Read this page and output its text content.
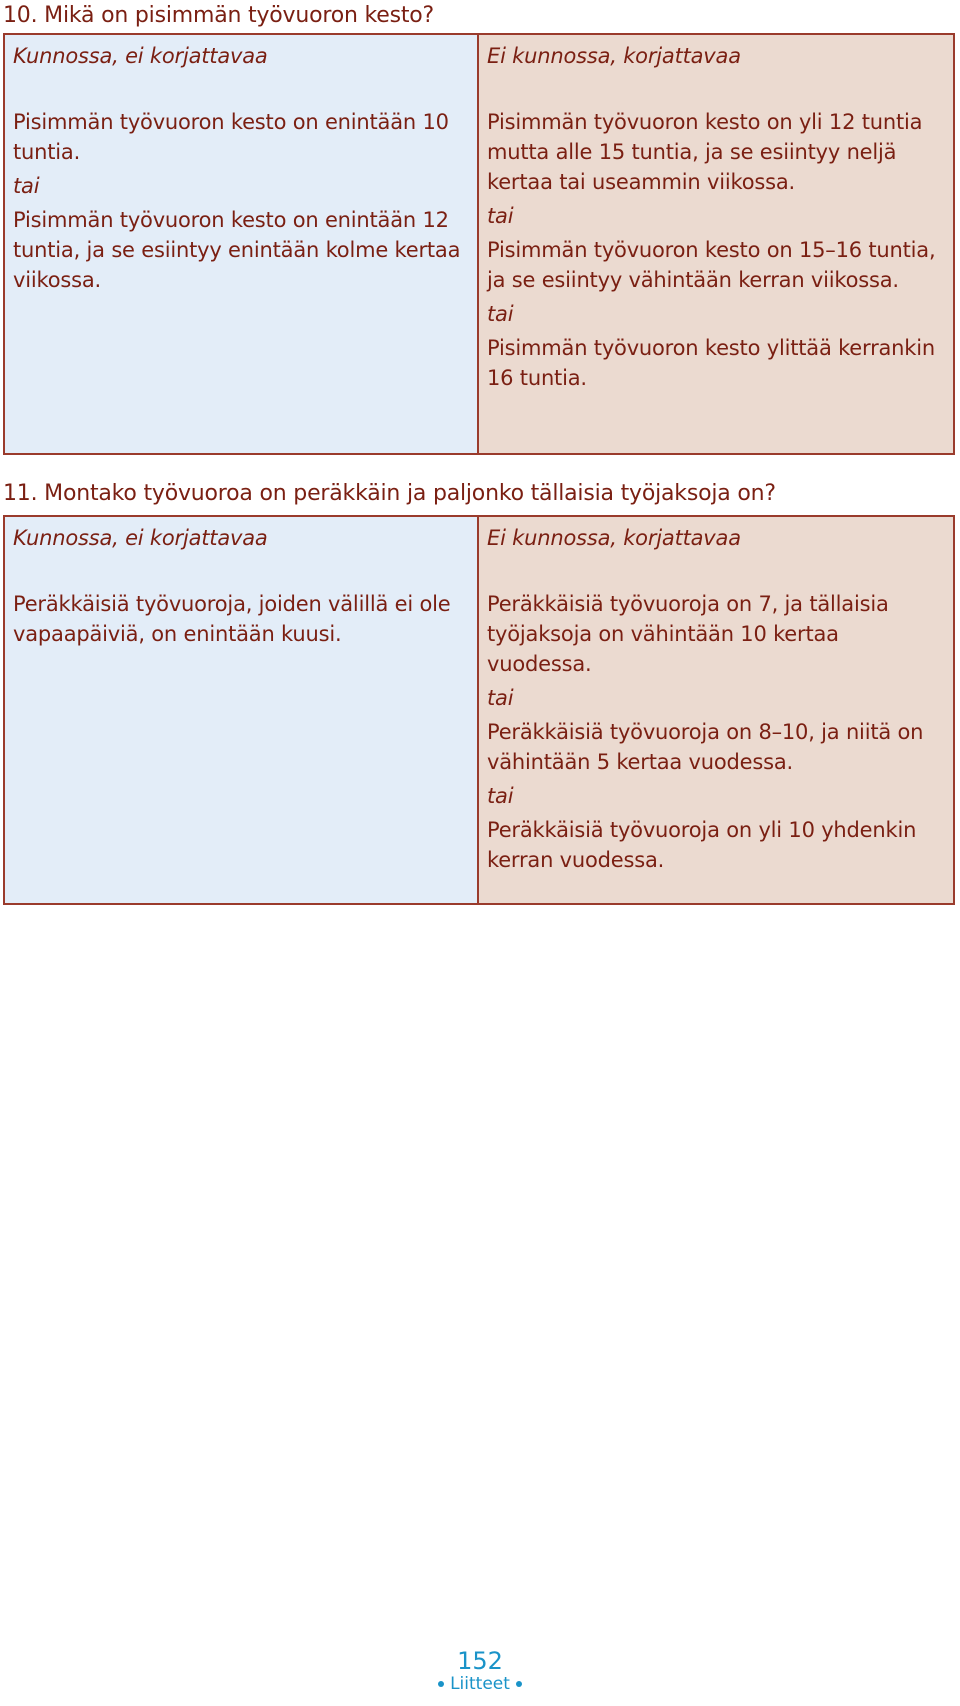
10. Mikä on pisimmän työvuoron kesto?
Kunnossa, ei korjattavaa

Pisimmän työvuoron kesto on enintään 10 tuntia.

tai

Pisimmän työvuoron kesto on enintään 12 tuntia, ja se esiintyy enintään kolme kertaa viikossa.

Ei kunnossa, korjattavaa

Pisimmän työvuoron kesto on yli 12 tuntia mutta alle 15 tuntia, ja se esiintyy neljä kertaa tai useammin viikossa.

tai

Pisimmän työvuoron kesto on 15–16 tuntia, ja se esiintyy vähintään kerran viikossa.

tai

Pisimmän työvuoron kesto ylittää kerrankin 16 tuntia.

11. Montako työvuoroa on peräkkäin ja paljonko tällaisia työjaksoja on?
Kunnossa, ei korjattavaa

Peräkkäisiä työvuoroja, joiden välillä ei ole vapaapäiviä, on enintään kuusi.

Ei kunnossa, korjattavaa

Peräkkäisiä työvuoroja on 7, ja tällaisia työjaksoja on vähintään 10 kertaa vuodessa.

tai

Peräkkäisiä työvuoroja on 8–10, ja niitä on vähintään 5 kertaa vuodessa.

tai

Peräkkäisiä työvuoroja on yli 10 yhdenkin kerran vuodessa.

152
Liitteet
